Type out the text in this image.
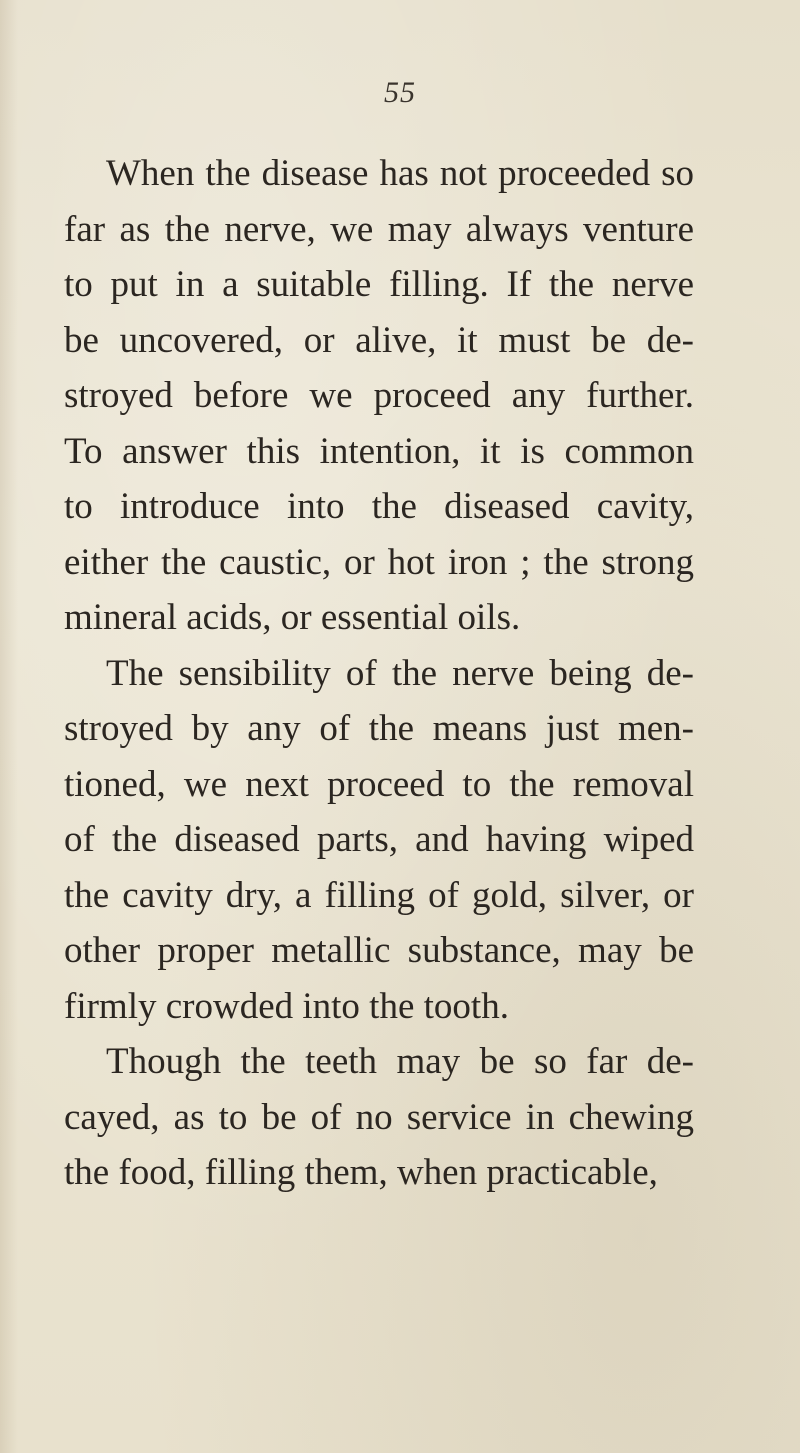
55
When the disease has not proceeded so
far as the nerve, we may always venture
to put in a suitable filling. If the nerve
be uncovered, or alive, it must be de-
stroyed before we proceed any further.
To answer this intention, it is common
to introduce into the diseased cavity,
either the caustic, or hot iron ; the strong
mineral acids, or essential oils.
The sensibility of the nerve being de-
stroyed by any of the means just men-
tioned, we next proceed to the removal
of the diseased parts, and having wiped
the cavity dry, a filling of gold, silver, or
other proper metallic substance, may be
firmly crowded into the tooth.
Though the teeth may be so far de-
cayed, as to be of no service in chewing
the food, filling them, when practicable,
